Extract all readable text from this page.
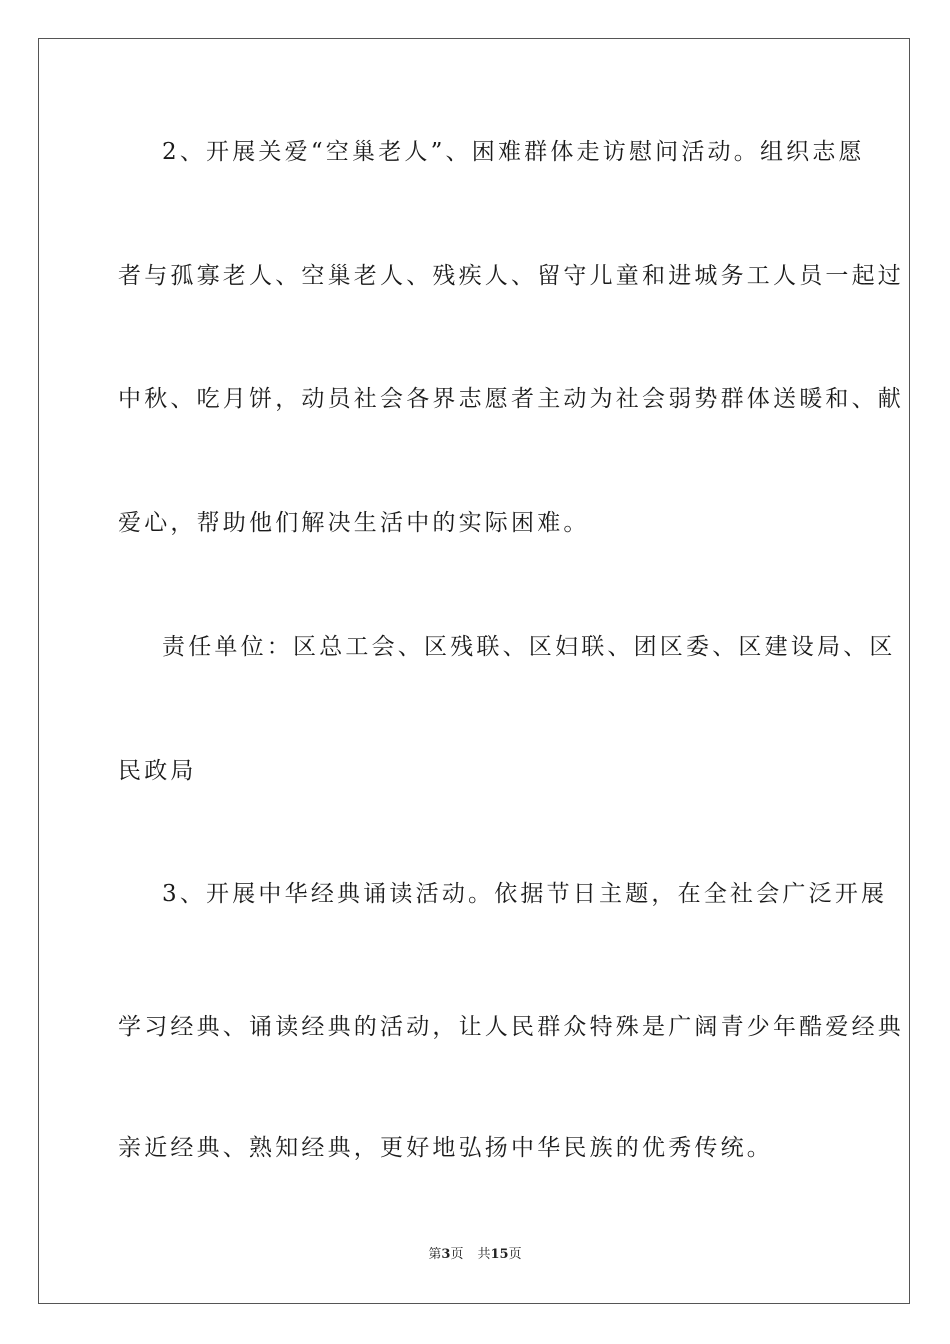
2、开展关爱“空巢老人”、困难群体走访慰问活动。组织志愿

者与孤寡老人、空巢老人、残疾人、留守儿童和进城务工人员一起过

中秋、吃月饼，动员社会各界志愿者主动为社会弱势群体送暖和、献

爱心，帮助他们解决生活中的实际困难。

责任单位：区总工会、区残联、区妇联、团区委、区建设局、区

民政局

3、开展中华经典诵读活动。依据节日主题，在全社会广泛开展

学习经典、诵读经典的活动，让人民群众特殊是广阔青少年酷爱经典

亲近经典、熟知经典，更好地弘扬中华民族的优秀传统。

第3页 共15页
